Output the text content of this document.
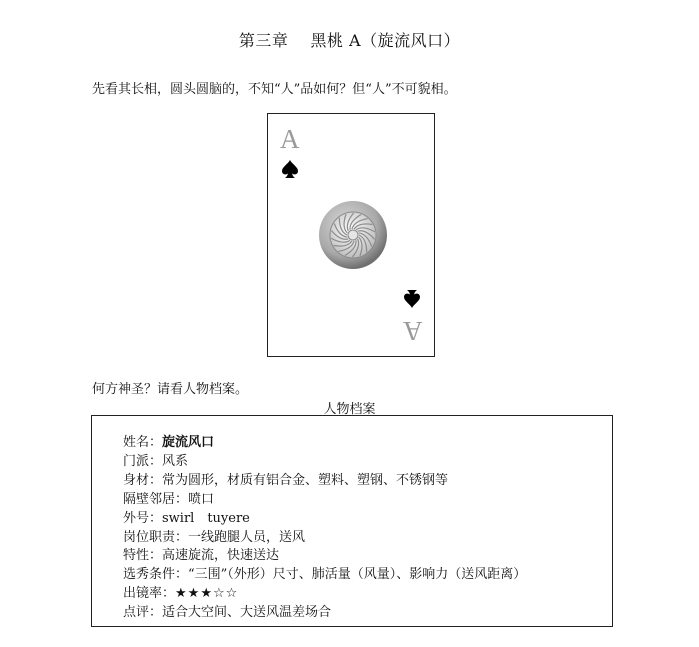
第三章　 黑桃 A（旋流风口）
先看其长相，圆头圆脑的，不知“人”品如何？但“人”不可貌相。
A
A
何方神圣？请看人物档案。
人物档案
姓名：旋流风口
门派：风系
身材：常为圆形，材质有铝合金、塑料、塑钢、不锈钢等
隔壁邻居：喷口
外号：swirl　tuyere
岗位职责：一线跑腿人员，送风
特性：高速旋流，快速送达
选秀条件：“三围”（外形）尺寸、肺活量（风量）、影响力（送风距离）
出镜率：★★★☆☆
点评：适合大空间、大送风温差场合
